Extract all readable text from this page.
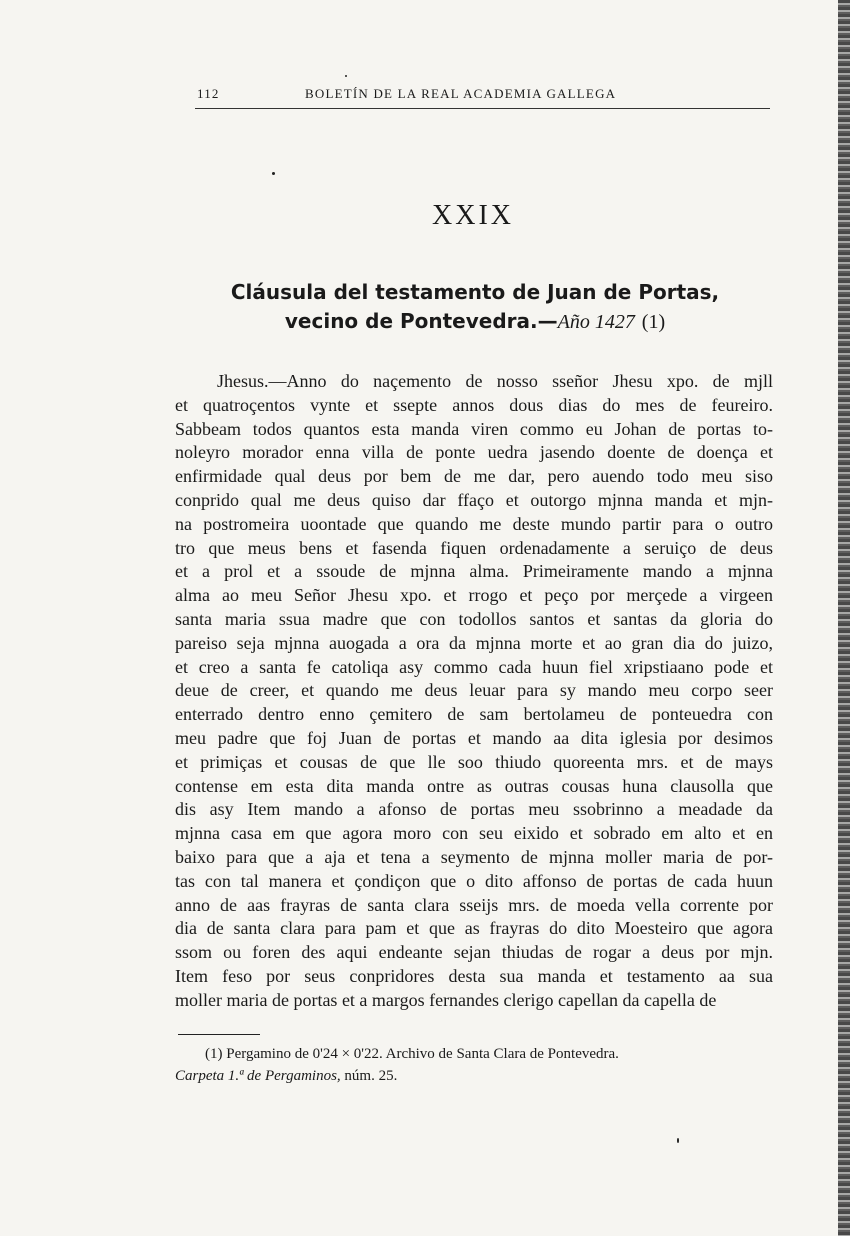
112	BOLETÍN DE LA REAL ACADEMIA GALLEGA
XXIX
Cláusula del testamento de Juan de Portas,
vecino de Pontevedra.—Año 1427 (1)
Jhesus.—Anno do naçemento de nosso sseñor Jhesu xpo. de mjll
et quatroçentos vynte et ssepte annos dous dias do mes de feureiro.
Sabbeam todos quantos esta manda viren commo eu Johan de portas to-
noleyro morador enna villa de ponte uedra jasendo doente de doença et
enfirmidade qual deus por bem de me dar, pero auendo todo meu siso
conprido qual me deus quiso dar ffaço et outorgo mjnna manda et mjn-
na postromeira uoontade que quando me deste mundo partir para o outro
tro que meus bens et fasenda fiquen ordenadamente a seruiço de deus
et a prol et a ssoude de mjnna alma. Primeiramente mando a mjnna
alma ao meu Señor Jhesu xpo. et rrogo et peço por merçede a virgeen
santa maria ssua madre que con todollos santos et santas da gloria do
pareiso seja mjnna auogada a ora da mjnna morte et ao gran dia do juizo,
et creo a santa fe catoliqa asy commo cada huun fiel xripstiaano pode et
deue de creer, et quando me deus leuar para sy mando meu corpo seer
enterrado dentro enno çemitero de sam bertolameu de ponteuedra con
meu padre que foj Juan de portas et mando aa dita iglesia por desimos
et primiças et cousas de que lle soo thiudo quoreenta mrs. et de mays
contense em esta dita manda ontre as outras cousas huna clausolla que
dis asy Item mando a afonso de portas meu ssobrinno a meadade da
mjnna casa em que agora moro con seu eixido et sobrado em alto et en
baixo para que a aja et tena a seymento de mjnna moller maria de por-
tas con tal manera et çondiçon que o dito affonso de portas de cada huun
anno de aas frayras de santa clara sseijs mrs. de moeda vella corrente por
dia de santa clara para pam et que as frayras do dito Moesteiro que agora
ssom ou foren des aqui endeante sejan thiudas de rogar a deus por mjn.
Item feso por seus conpridores desta sua manda et testamento aa sua
moller maria de portas et a margos fernandes clerigo capellan da capella de
(1) Pergamino de 0'24 × 0'22. Archivo de Santa Clara de Pontevedra.
Carpeta 1.ª de Pergaminos, núm. 25.
